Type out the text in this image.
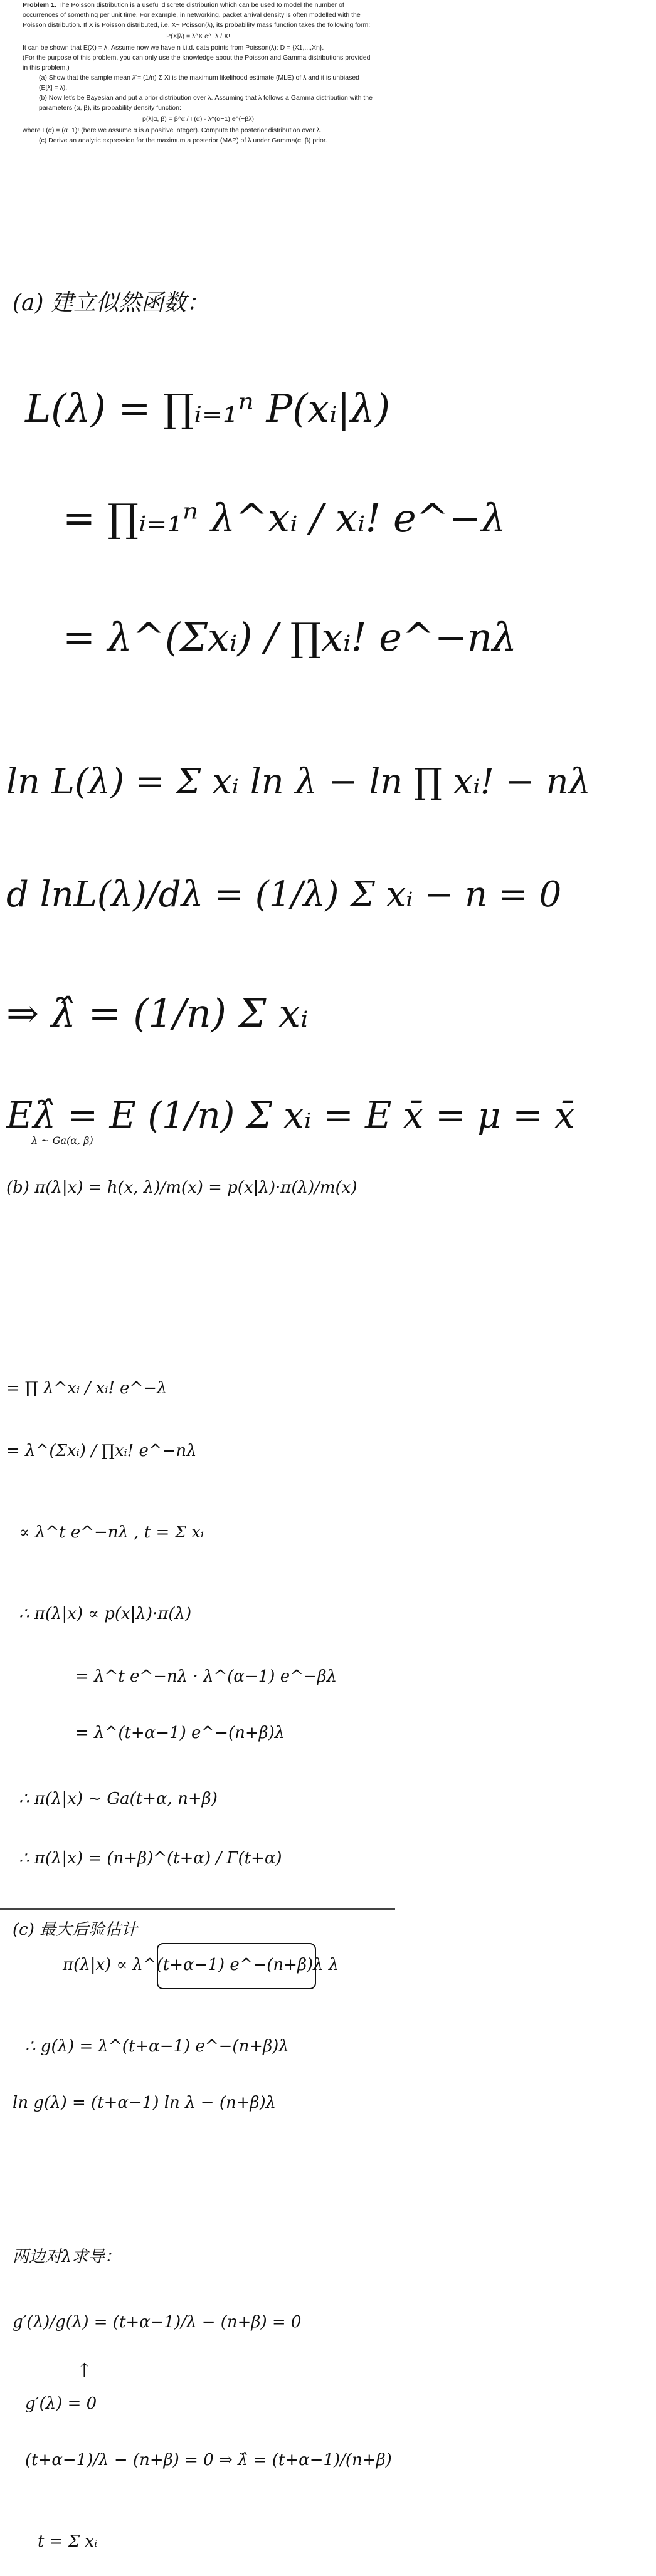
Problem 1. The Poisson distribution is a useful discrete distribution which can be used to model the number of occurrences of something per unit time. For example, in networking, packet arrival density is often modelled with the Poisson distribution. If X is Poisson distributed, i.e. X~ Poisson(λ), its probability mass function takes the following form:

P(X|λ) = λ^X e^−λ / X!

It can be shown that E(X) = λ. Assume now we have n i.i.d. data points from Poisson(λ): D = {X1,...,Xn}.

(For the purpose of this problem, you can only use the knowledge about the Poisson and Gamma distributions provided in this problem.)

(a) Show that the sample mean λ̂ = (1/n) Σ Xi is the maximum likelihood estimate (MLE) of λ and it is unbiased (E[λ̂] = λ).

(b) Now let's be Bayesian and put a prior distribution over λ. Assuming that λ follows a Gamma distribution with the parameters (α, β), its probability density function:

p(λ|α, β) = β^α / Γ(α) · λ^(α−1) e^(−βλ)

where Γ(α) = (α−1)! (here we assume α is a positive integer). Compute the posterior distribution over λ.

(c) Derive an analytic expression for the maximum a posterior (MAP) of λ under Gamma(α, β) prior.

(a) 建立似然函数：
L(λ) = ∏ᵢ₌₁ⁿ P(xᵢ|λ)
= ∏ᵢ₌₁ⁿ λ^xᵢ / xᵢ! e^−λ
= λ^(Σxᵢ) / ∏xᵢ! e^−nλ
ln L(λ) = Σ xᵢ ln λ − ln ∏ xᵢ! − nλ
d lnL(λ)/dλ = (1/λ) Σ xᵢ − n = 0
⇒ λ̂ = (1/n) Σ xᵢ
Eλ̂ = E (1/n) Σ xᵢ = E x̄ = μ = x̄
λ ~ Ga(α, β)
(b) π(λ|x) = h(x, λ)/m(x) = p(x|λ)·π(λ)/m(x)
= ∏ λ^xᵢ / xᵢ! e^−λ
= λ^(Σxᵢ) / ∏xᵢ! e^−nλ
∝ λ^t e^−nλ , t = Σ xᵢ
∴ π(λ|x) ∝ p(x|λ)·π(λ)
= λ^t e^−nλ · λ^(α−1) e^−βλ
= λ^(t+α−1) e^−(n+β)λ
∴ π(λ|x) ~ Ga(t+α, n+β)
∴ π(λ|x) = (n+β)^(t+α) / Γ(t+α)
(c) 最大后验估计
π(λ|x) ∝ λ^(t+α−1) e^−(n+β)λ λ
∴ g(λ) = λ^(t+α−1) e^−(n+β)λ
ln g(λ) = (t+α−1) ln λ − (n+β)λ
两边对λ求导：
g′(λ)/g(λ) = (t+α−1)/λ − (n+β) = 0
↑
g′(λ) = 0
(t+α−1)/λ − (n+β) = 0 ⇒ λ̂ = (t+α−1)/(n+β)
t = Σ xᵢ
